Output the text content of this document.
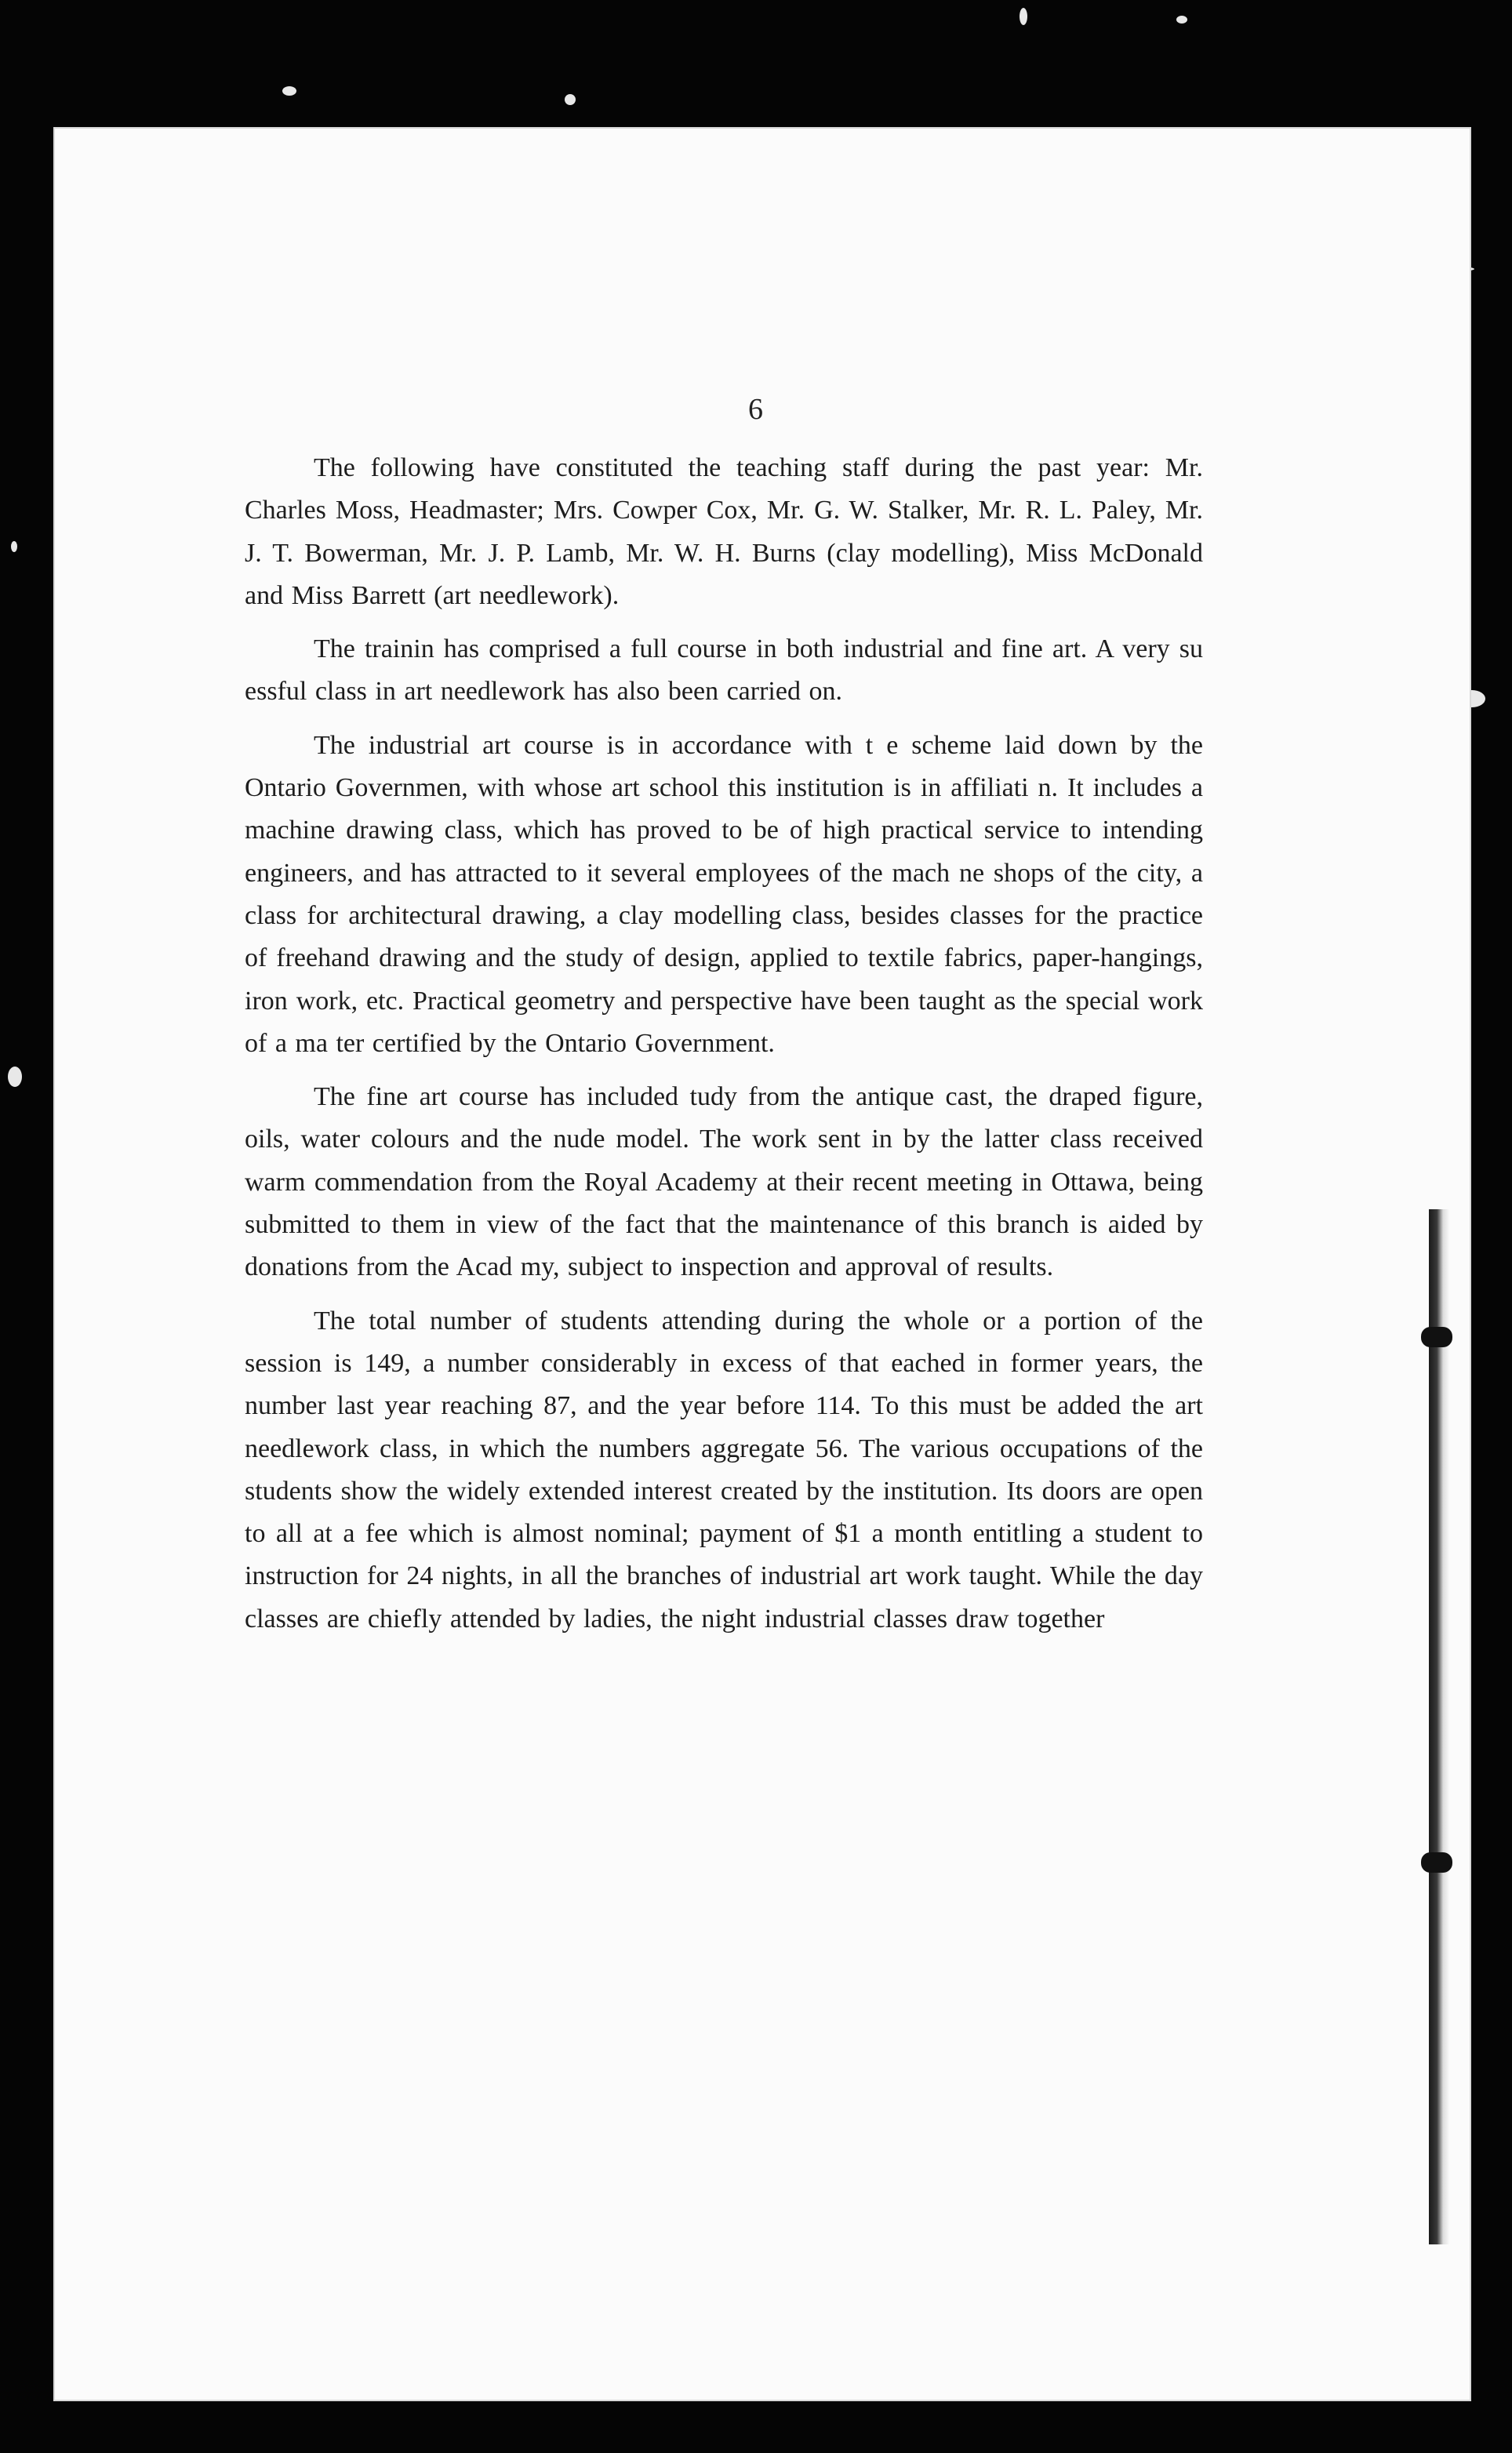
6

The following have constituted the teaching staff during the past year: Mr. Charles Moss, Headmaster; Mrs. Cowper Cox, Mr. G. W. Stalker, Mr. R. L. Paley, Mr. J. T. Bowerman, Mr. J. P. Lamb, Mr. W. H. Burns (clay modelling), Miss McDonald and Miss Barrett (art needlework).

The trainin has comprised a full course in both industrial and fine art. A very su essful class in art needlework has also been carried on.

The industrial art course is in accordance with t e scheme laid down by the Ontario Governmen, with whose art school this institution is in affiliati n. It includes a machine drawing class, which has proved to be of high practical service to intending engineers, and has attracted to it several employees of the mach ne shops of the city, a class for architectural drawing, a clay modelling class, besides classes for the practice of freehand drawing and the study of design, applied to textile fabrics, paper-hangings, iron work, etc. Practical geometry and perspective have been taught as the special work of a ma ter certified by the Ontario Government.

The fine art course has included tudy from the antique cast, the draped figure, oils, water colours and the nude model. The work sent in by the latter class received warm commendation from the Royal Academy at their recent meeting in Ottawa, being submitted to them in view of the fact that the maintenance of this branch is aided by donations from the Acad my, subject to inspection and approval of results.

The total number of students attending during the whole or a portion of the session is 149, a number considerably in excess of that eached in former years, the number last year reaching 87, and the year before 114. To this must be added the art needlework class, in which the numbers aggregate 56. The various occupations of the students show the widely extended interest created by the institution. Its doors are open to all at a fee which is almost nominal; payment of $1 a month entitling a student to instruction for 24 nights, in all the branches of industrial art work taught. While the day classes are chiefly attended by ladies, the night industrial classes draw together
